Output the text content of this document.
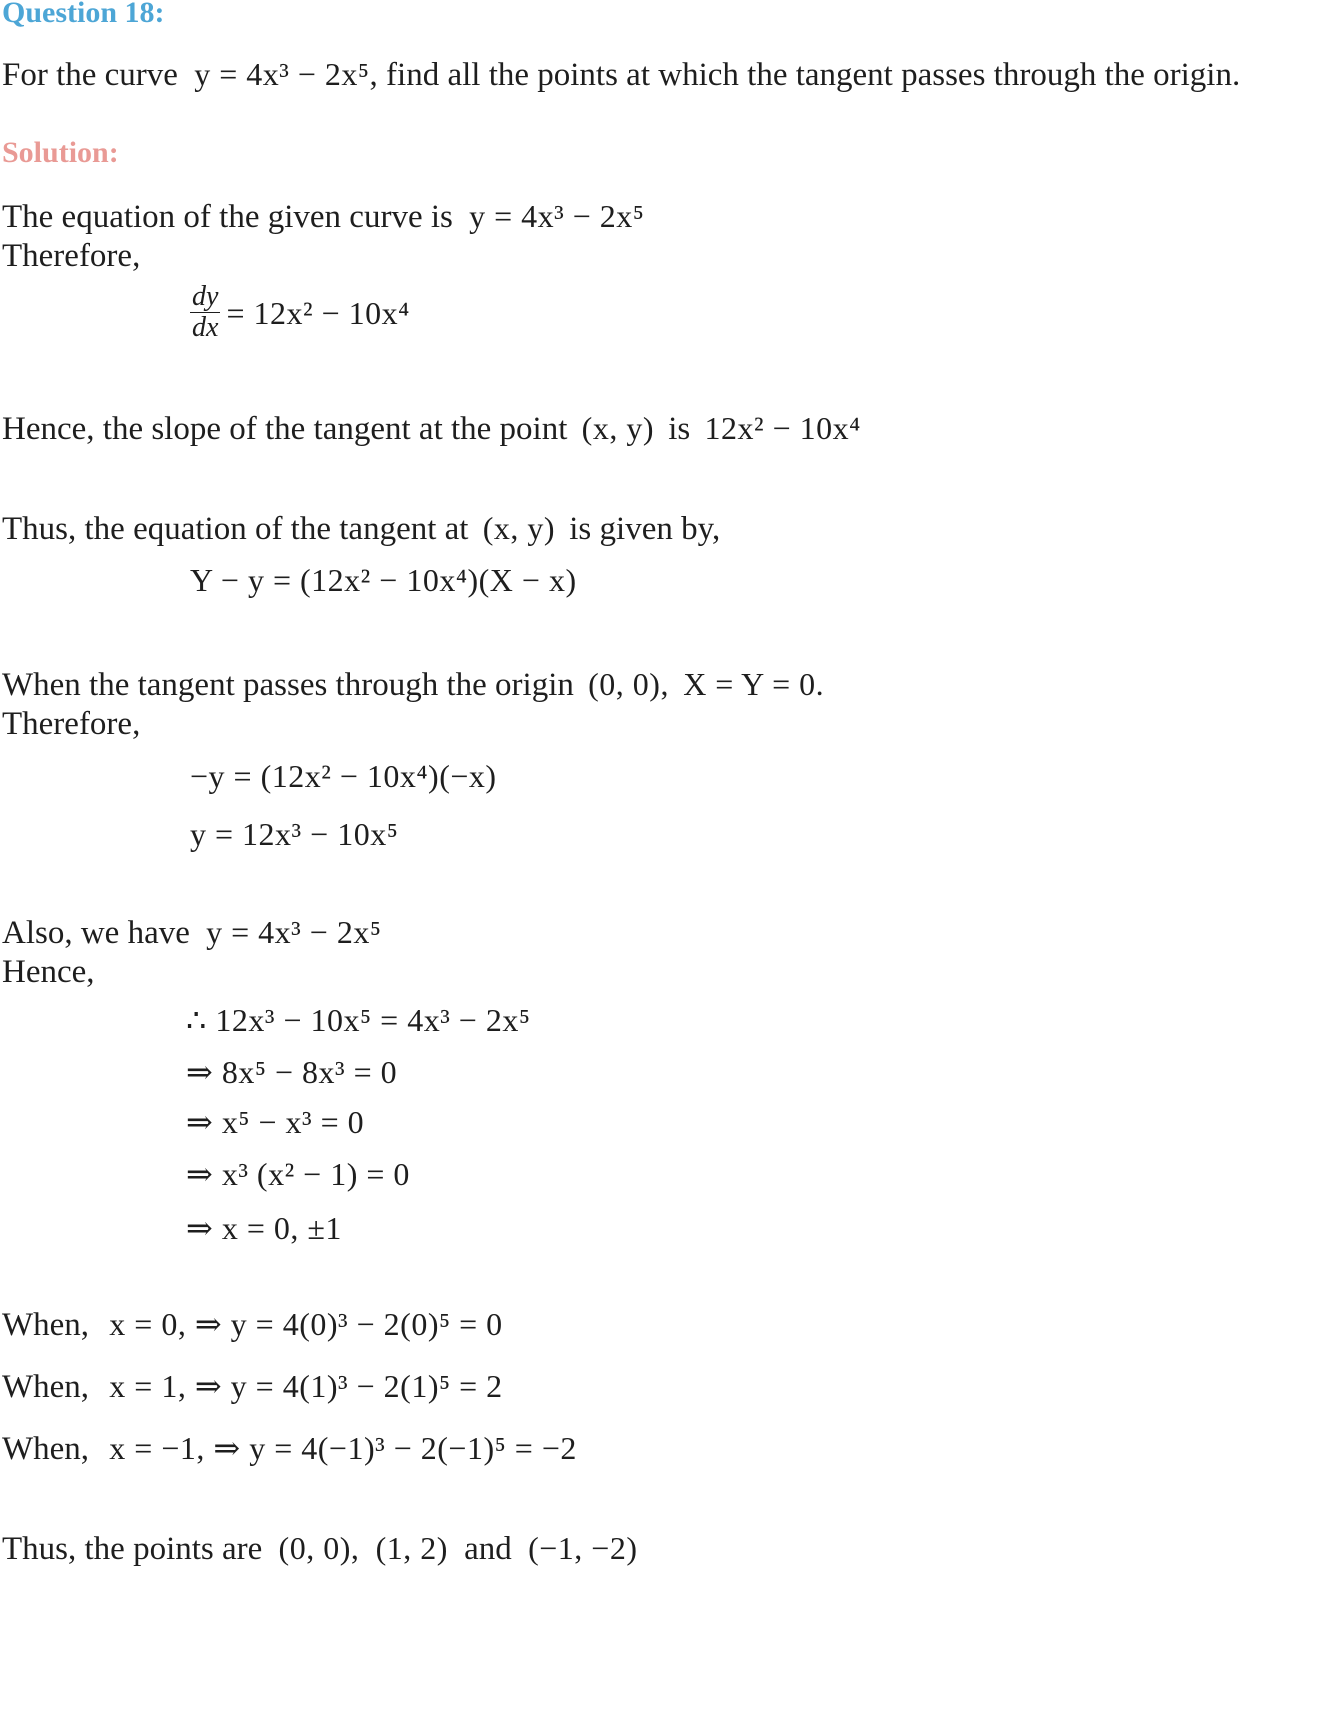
Question 18:
For the curve y = 4x³ − 2x⁵, find all the points at which the tangent passes through the origin.
Solution:
The equation of the given curve is y = 4x³ − 2x⁵
Therefore,
$\frac{dy}{dx} = 12x^2 - 10x^4$
Hence, the slope of the tangent at the point (x, y) is 12x² − 10x⁴
Thus, the equation of the tangent at (x, y) is given by,
Y − y = (12x² − 10x⁴)(X − x)
When the tangent passes through the origin (0, 0), X = Y = 0.
Therefore,
−y = (12x² − 10x⁴)(−x)
y = 12x³ − 10x⁵
Also, we have y = 4x³ − 2x⁵
Hence,
∴ 12x³ − 10x⁵ = 4x³ − 2x⁵
⇒ 8x⁵ − 8x³ = 0
⇒ x⁵ − x³ = 0
⇒ x³ (x² − 1) = 0
⇒ x = 0, ±1
When, x = 0, ⇒ y = 4(0)³ − 2(0)⁵ = 0
When, x = 1, ⇒ y = 4(1)³ − 2(1)⁵ = 2
When, x = −1, ⇒ y = 4(−1)³ − 2(−1)⁵ = −2
Thus, the points are (0, 0), (1, 2) and (−1, −2)
